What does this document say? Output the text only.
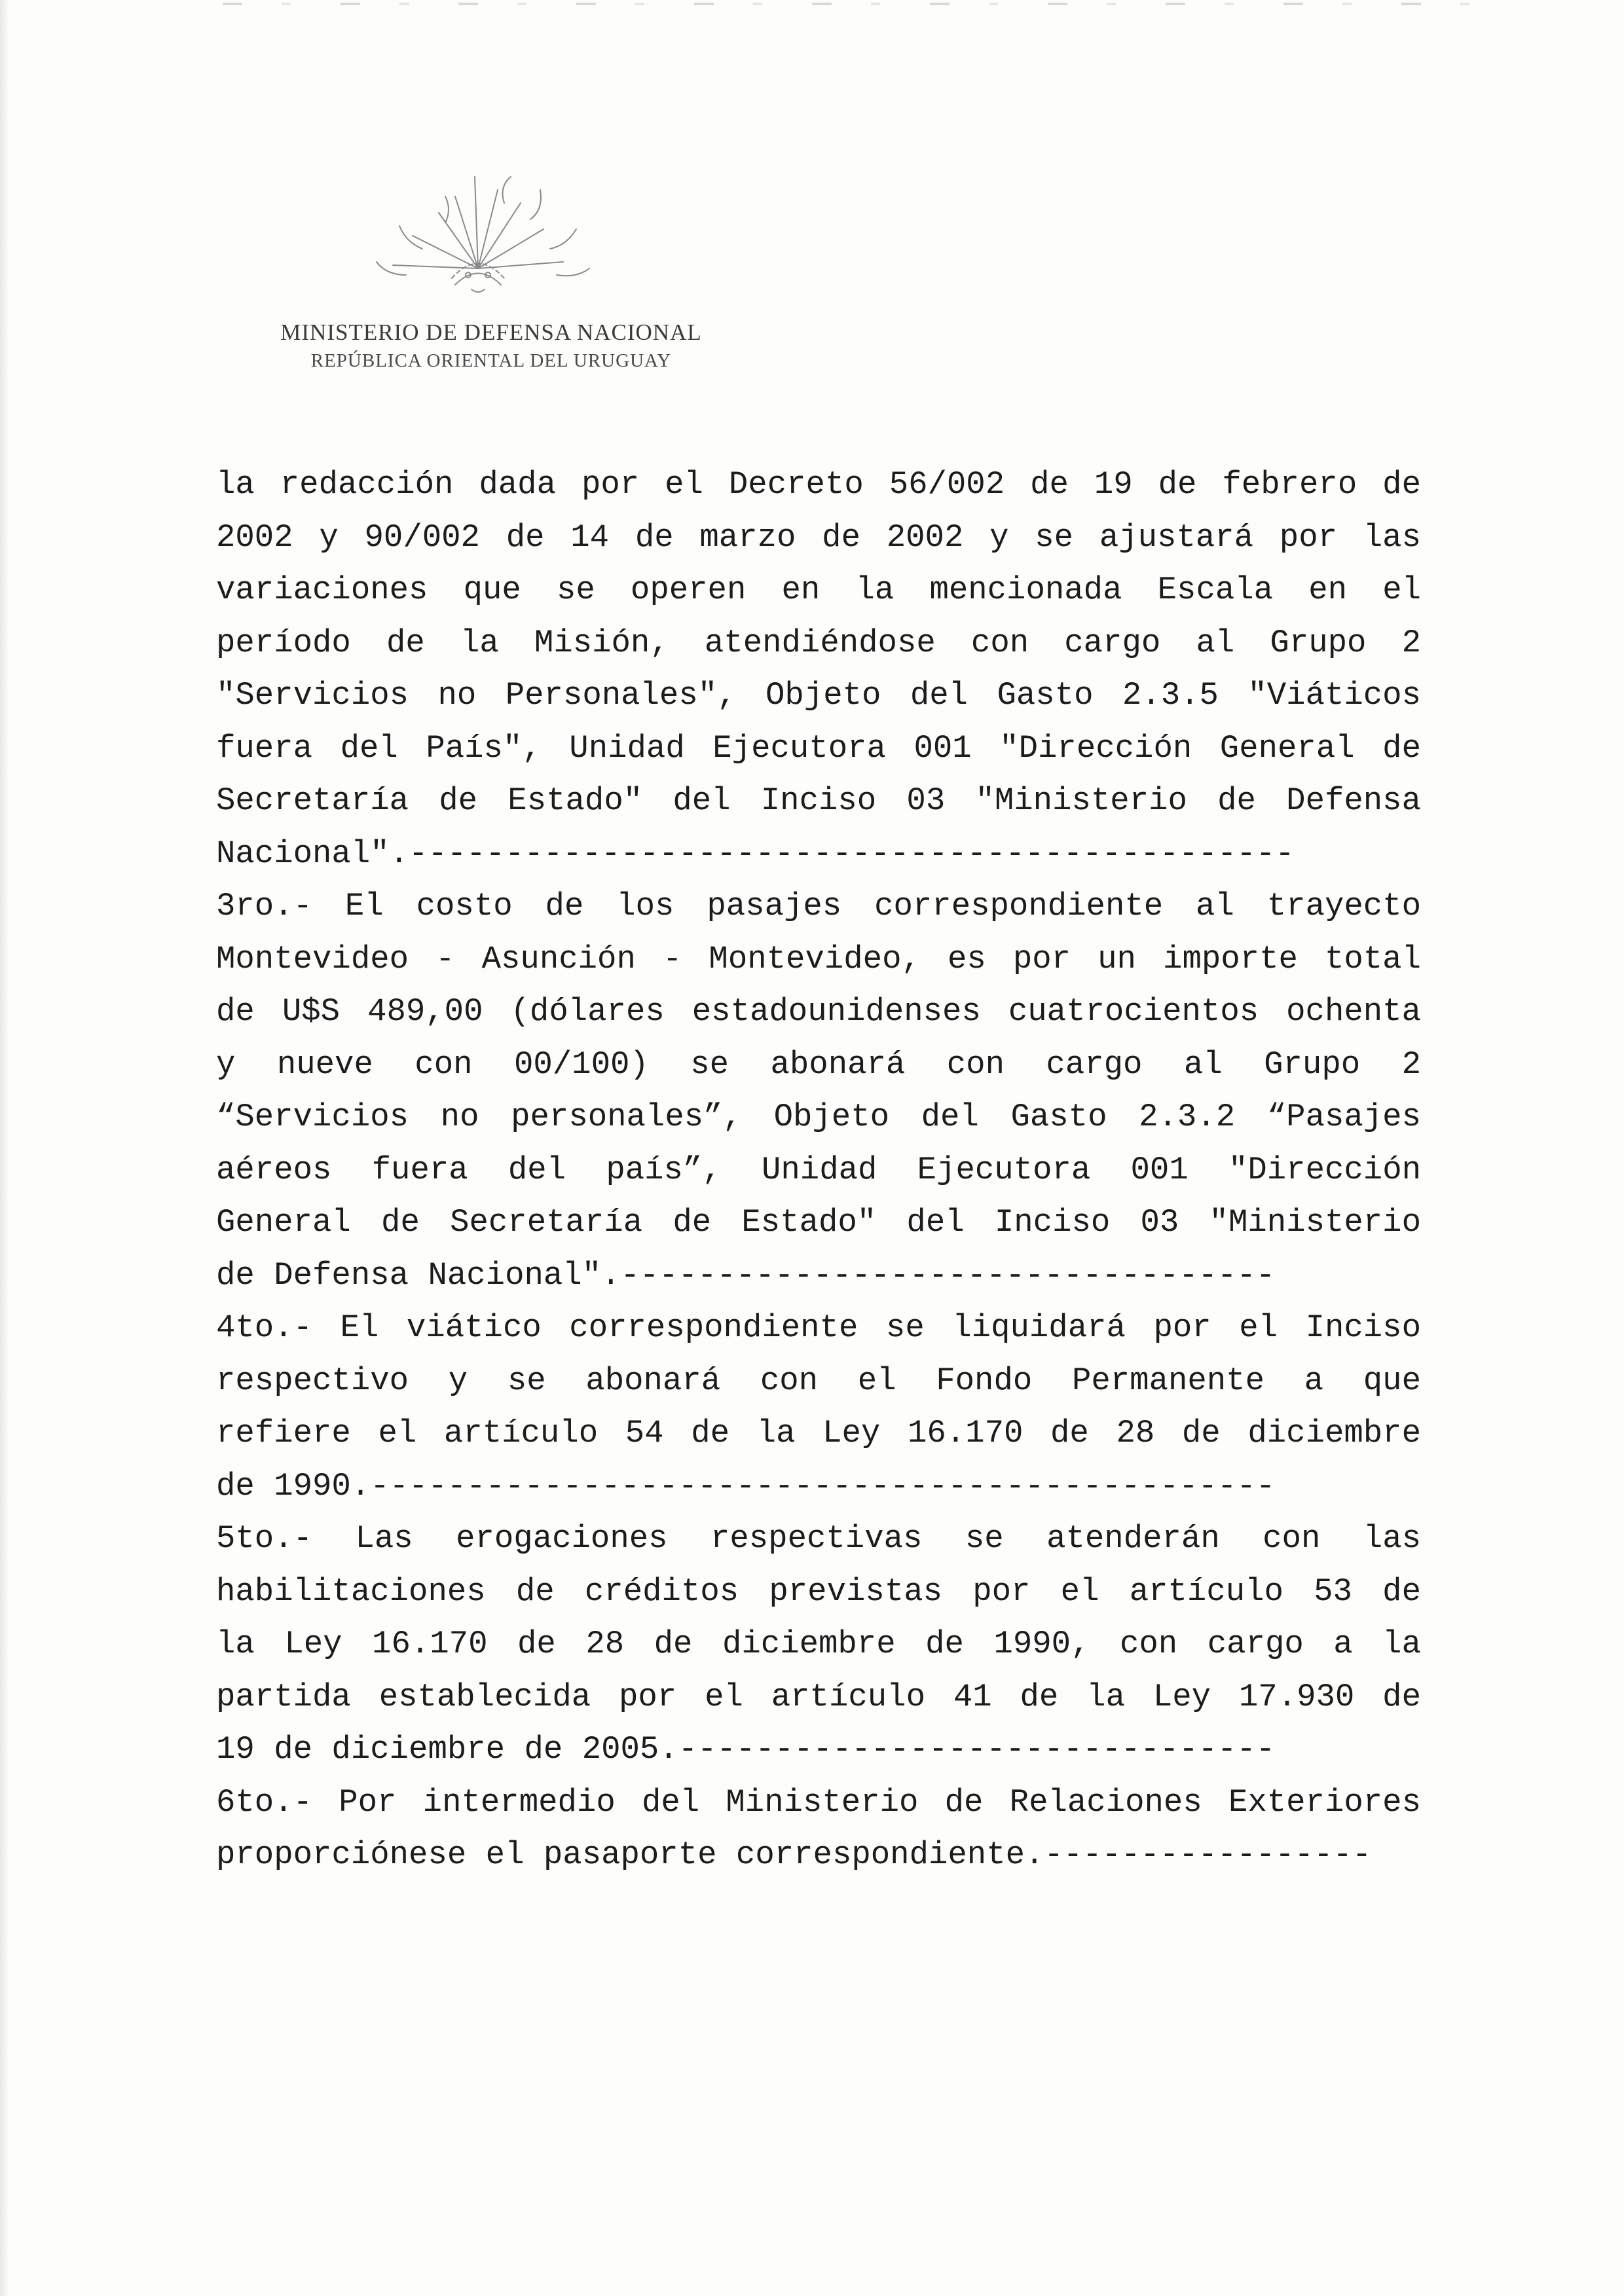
MINISTERIO DE DEFENSA NACIONAL
REPÚBLICA ORIENTAL DEL URUGUAY
la redacción dada por el Decreto 56/002 de 19 de febrero de
2002 y 90/002 de 14 de marzo de 2002 y se ajustará por las
variaciones que se operen en la mencionada Escala en el
período de la Misión, atendiéndose con cargo al Grupo 2
"Servicios no Personales", Objeto del Gasto 2.3.5 "Viáticos
fuera del País", Unidad Ejecutora 001 "Dirección General de
Secretaría de Estado" del Inciso 03 "Ministerio de Defensa
Nacional".----------------------------------------------
3ro.- El costo de los pasajes correspondiente al trayecto
Montevideo - Asunción - Montevideo, es por un importe total
de U$S 489,00 (dólares estadounidenses cuatrocientos ochenta
y nueve con 00/100) se abonará con cargo al Grupo 2
“Servicios no personales”, Objeto del Gasto 2.3.2 “Pasajes
aéreos fuera del país”, Unidad Ejecutora 001 "Dirección
General de Secretaría de Estado" del Inciso 03 "Ministerio
de Defensa Nacional".----------------------------------
4to.- El viático correspondiente se liquidará por el Inciso
respectivo y se abonará con el Fondo Permanente a que
refiere el artículo 54 de la Ley 16.170 de 28 de diciembre
de 1990.-----------------------------------------------
5to.- Las erogaciones respectivas se atenderán con las
habilitaciones de créditos previstas por el artículo 53 de
la Ley 16.170 de 28 de diciembre de 1990, con cargo a la
partida establecida por el artículo 41 de la Ley 17.930 de
19 de diciembre de 2005.-------------------------------
6to.- Por intermedio del Ministerio de Relaciones Exteriores
proporciónese el pasaporte correspondiente.-----------------
